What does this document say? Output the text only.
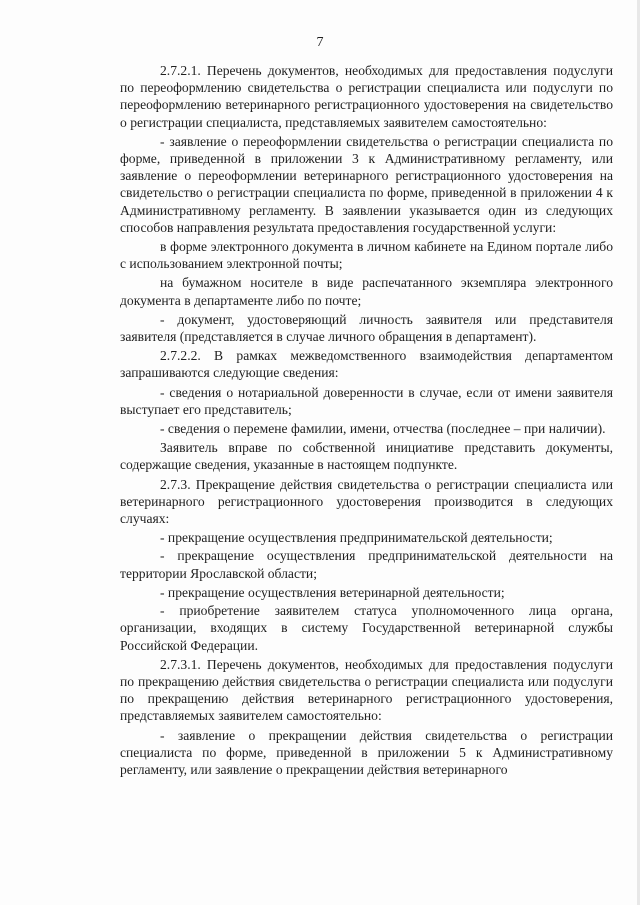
7

2.7.2.1. Перечень документов, необходимых для предоставления подуслуги по переоформлению свидетельства о регистрации специалиста или подуслуги по переоформлению ветеринарного регистрационного удостоверения на свидетельство о регистрации специалиста, представляемых заявителем самостоятельно:

- заявление о переоформлении свидетельства о регистрации специалиста по форме, приведенной в приложении 3 к Административному регламенту, или заявление о переоформлении ветеринарного регистрационного удостоверения на свидетельство о регистрации специалиста по форме, приведенной в приложении 4 к Административному регламенту. В заявлении указывается один из следующих способов направления результата предоставления государственной услуги:

в форме электронного документа в личном кабинете на Едином портале либо с использованием электронной почты;

на бумажном носителе в виде распечатанного экземпляра электронного документа в департаменте либо по почте;

- документ, удостоверяющий личность заявителя или представителя заявителя (представляется в случае личного обращения в департамент).

2.7.2.2. В рамках межведомственного взаимодействия департаментом запрашиваются следующие сведения:

- сведения о нотариальной доверенности в случае, если от имени заявителя выступает его представитель;

- сведения о перемене фамилии, имени, отчества (последнее – при наличии).

Заявитель вправе по собственной инициативе представить документы, содержащие сведения, указанные в настоящем подпункте.

2.7.3. Прекращение действия свидетельства о регистрации специалиста или ветеринарного регистрационного удостоверения производится в следующих случаях:

- прекращение осуществления предпринимательской деятельности;

- прекращение осуществления предпринимательской деятельности на территории Ярославской области;

- прекращение осуществления ветеринарной деятельности;

- приобретение заявителем статуса уполномоченного лица органа, организации, входящих в систему Государственной ветеринарной службы Российской Федерации.

2.7.3.1. Перечень документов, необходимых для предоставления подуслуги по прекращению действия свидетельства о регистрации специалиста или подуслуги по прекращению действия ветеринарного регистрационного удостоверения, представляемых заявителем самостоятельно:

- заявление о прекращении действия свидетельства о регистрации специалиста по форме, приведенной в приложении 5 к Административному регламенту, или заявление о прекращении действия ветеринарного
